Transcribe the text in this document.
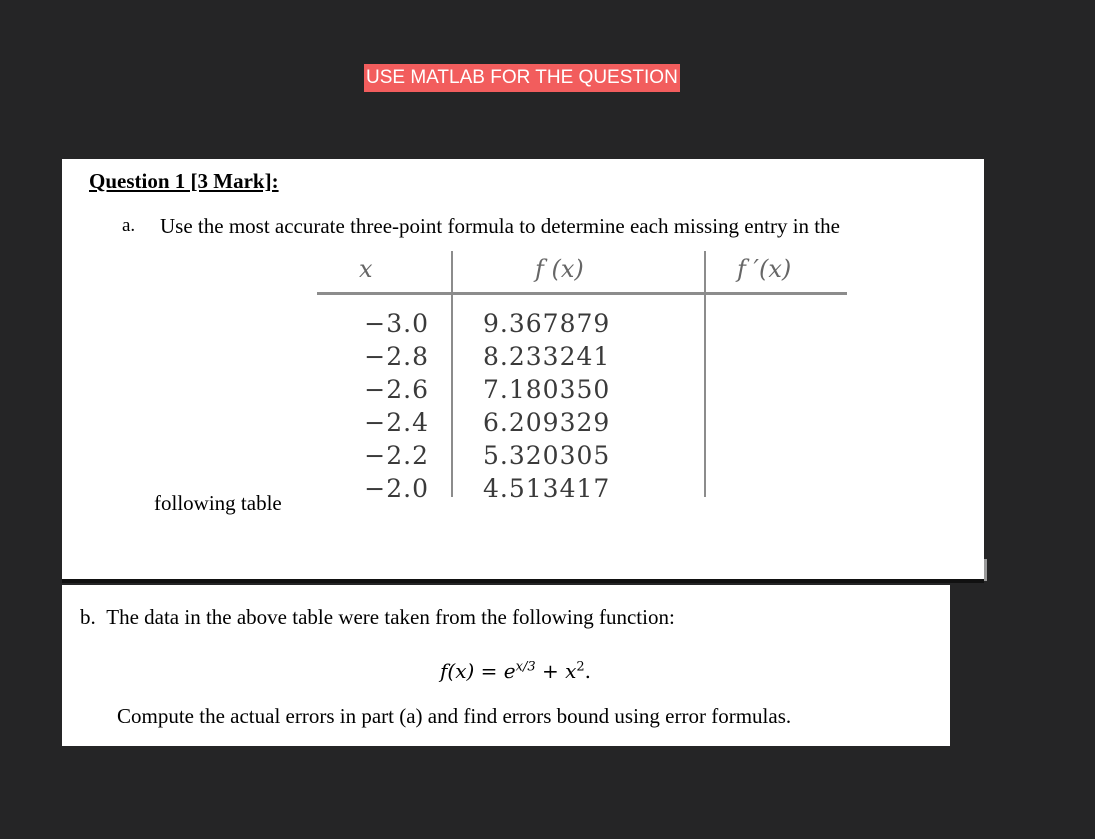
USE MATLAB FOR THE QUESTION
Question 1 [3 Mark]:
a. Use the most accurate three-point formula to determine each missing entry in the
x	f (x)	f ′(x)
−3.0
−2.8
−2.6
−2.4
−2.2
−2.0
9.367879
8.233241
7.180350
6.209329
5.320305
4.513417
following table
b. The data in the above table were taken from the following function:
$f(x) = e^{x/3} + x^2$.
Compute the actual errors in part (a) and find errors bound using error formulas.
